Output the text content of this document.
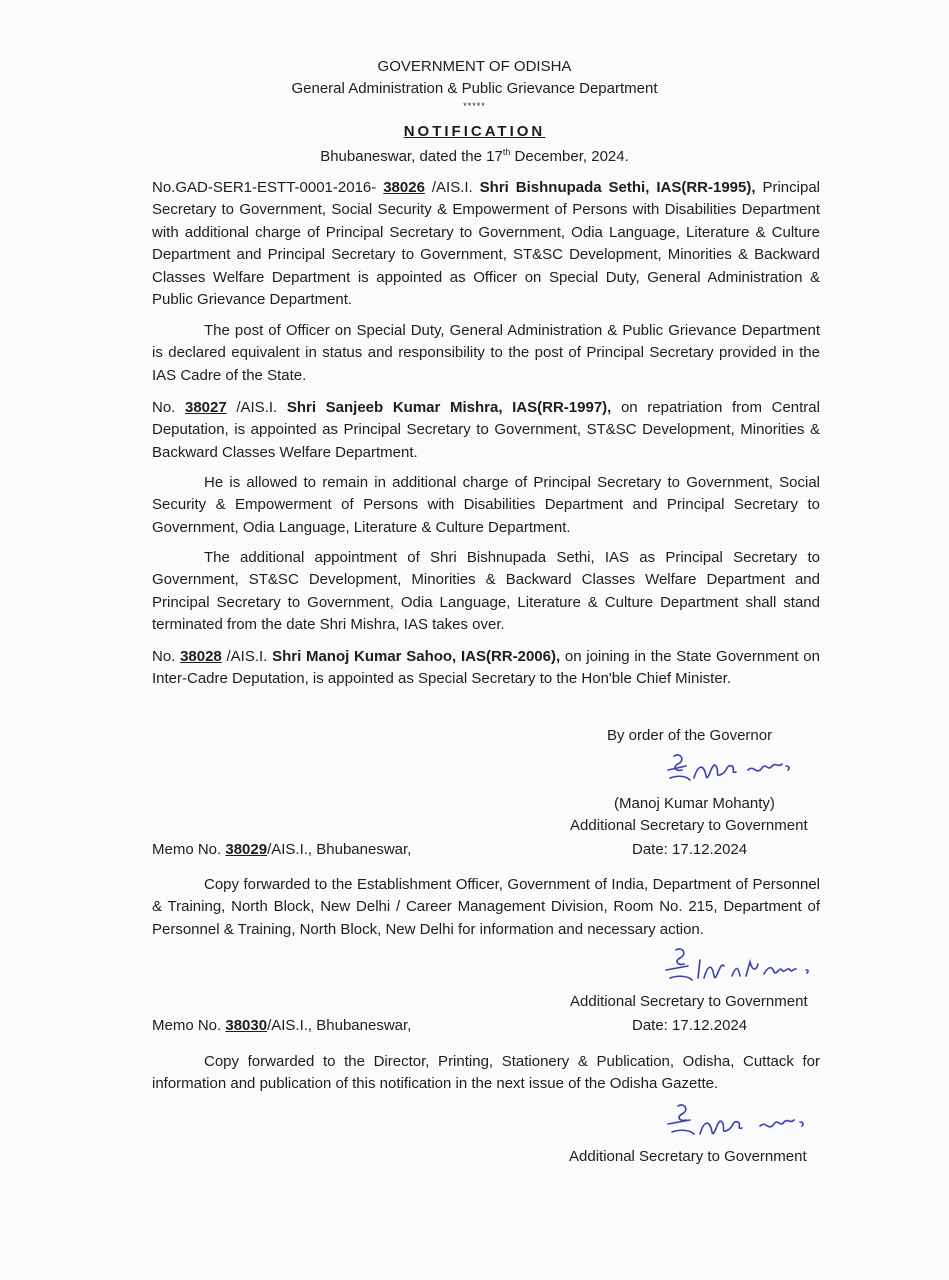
GOVERNMENT OF ODISHA
General Administration & Public Grievance Department
*****
NOTIFICATION
Bhubaneswar, dated the 17th December, 2024.
No.GAD-SER1-ESTT-0001-2016- 38026 /AIS.I. Shri Bishnupada Sethi, IAS(RR-1995), Principal Secretary to Government, Social Security & Empowerment of Persons with Disabilities Department with additional charge of Principal Secretary to Government, Odia Language, Literature & Culture Department and Principal Secretary to Government, ST&SC Development, Minorities & Backward Classes Welfare Department is appointed as Officer on Special Duty, General Administration & Public Grievance Department.
The post of Officer on Special Duty, General Administration & Public Grievance Department is declared equivalent in status and responsibility to the post of Principal Secretary provided in the IAS Cadre of the State.
No. 38027 /AIS.I. Shri Sanjeeb Kumar Mishra, IAS(RR-1997), on repatriation from Central Deputation, is appointed as Principal Secretary to Government, ST&SC Development, Minorities & Backward Classes Welfare Department.
He is allowed to remain in additional charge of Principal Secretary to Government, Social Security & Empowerment of Persons with Disabilities Department and Principal Secretary to Government, Odia Language, Literature & Culture Department.
The additional appointment of Shri Bishnupada Sethi, IAS as Principal Secretary to Government, ST&SC Development, Minorities & Backward Classes Welfare Department and Principal Secretary to Government, Odia Language, Literature & Culture Department shall stand terminated from the date Shri Mishra, IAS takes over.
No. 38028 /AIS.I. Shri Manoj Kumar Sahoo, IAS(RR-2006), on joining in the State Government on Inter-Cadre Deputation, is appointed as Special Secretary to the Hon'ble Chief Minister.
By order of the Governor
(Manoj Kumar Mohanty)
Additional Secretary to Government
Memo No. 38029/AIS.I., Bhubaneswar,	Date: 17.12.2024
Copy forwarded to the Establishment Officer, Government of India, Department of Personnel & Training, North Block, New Delhi / Career Management Division, Room No. 215, Department of Personnel & Training, North Block, New Delhi for information and necessary action.
Additional Secretary to Government
Memo No. 38030/AIS.I., Bhubaneswar,	Date: 17.12.2024
Copy forwarded to the Director, Printing, Stationery & Publication, Odisha, Cuttack for information and publication of this notification in the next issue of the Odisha Gazette.
Additional Secretary to Government
